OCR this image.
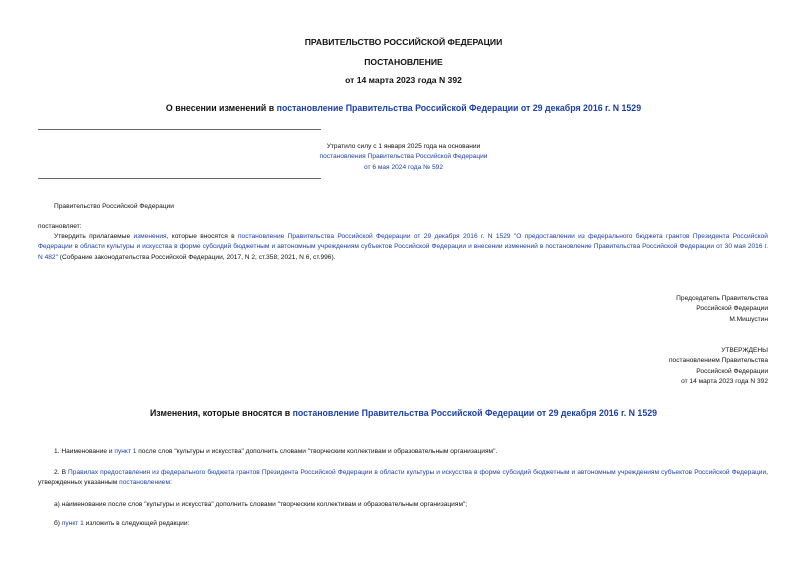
ПРАВИТЕЛЬСТВО РОССИЙСКОЙ ФЕДЕРАЦИИ
ПОСТАНОВЛЕНИЕ
от 14 марта 2023 года N 392
О внесении изменений в постановление Правительства Российской Федерации от 29 декабря 2016 г. N 1529
Утратило силу с 1 января 2025 года на основании
постановления Правительства Российской Федерации
от 6 мая 2024 года № 592
Правительство Российской Федерации
постановляет:
Утвердить прилагаемые изменения, которые вносятся в постановление Правительства Российской Федерации от 29 декабря 2016 г. N 1529 "О предоставлении из федерального бюджета грантов Президента Российской Федерации в области культуры и искусства в форме субсидий бюджетным и автономным учреждениям субъектов Российской Федерации и внесении изменений в постановление Правительства Российской Федерации от 30 мая 2016 г. N 482" (Собрание законодательства Российской Федерации, 2017, N 2, ст.358; 2021, N 6, ст.996).
Председатель Правительства
Российской Федерации
М.Мишустин
УТВЕРЖДЕНЫ
постановлением Правительства
Российской Федерации
от 14 марта 2023 года N 392
Изменения, которые вносятся в постановление Правительства Российской Федерации от 29 декабря 2016 г. N 1529
1. Наименование и пункт 1 после слов "культуры и искусства" дополнить словами "творческим коллективам и образовательным организациям".
2. В Правилах предоставления из федерального бюджета грантов Президента Российской Федерации в области культуры и искусства в форме субсидий бюджетным и автономным учреждениям субъектов Российской Федерации, утвержденных указанным постановлением:
а) наименование после слов "культуры и искусства" дополнить словами "творческим коллективам и образовательным организациям";
б) пункт 1 изложить в следующей редакции:
